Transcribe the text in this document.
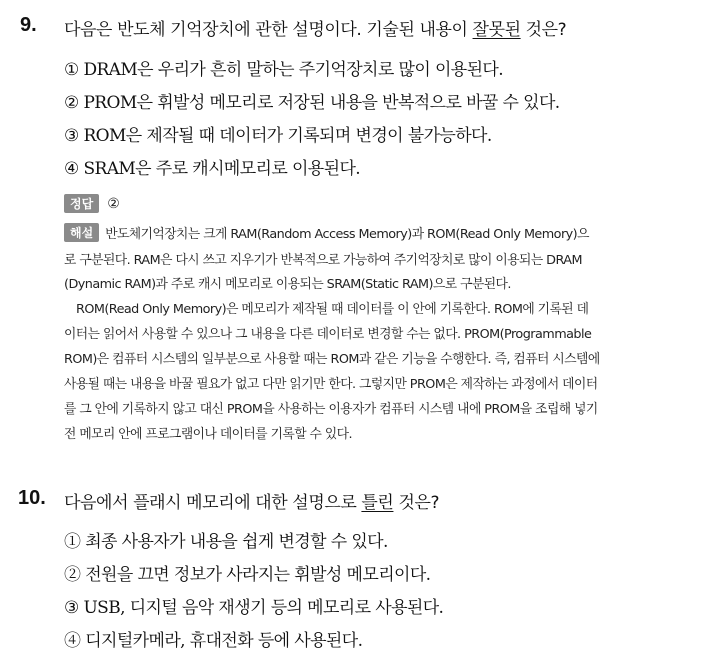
9. 다음은 반도체 기억장치에 관한 설명이다. 기술된 내용이 잘못된 것은?
① DRAM은 우리가 흔히 말하는 주기억장치로 많이 이용된다.
② PROM은 휘발성 메모리로 저장된 내용을 반복적으로 바꿀 수 있다.
③ ROM은 제작될 때 데이터가 기록되며 변경이 불가능하다.
④ SRAM은 주로 캐시메모리로 이용된다.
정답 ②
해설 반도체기억장치는 크게 RAM(Random Access Memory)과 ROM(Read Only Memory)으
로 구분된다. RAM은 다시 쓰고 지우기가 반복적으로 가능하여 주기억장치로 많이 이용되는 DRAM
(Dynamic RAM)과 주로 캐시 메모리로 이용되는 SRAM(Static RAM)으로 구분된다.
ROM(Read Only Memory)은 메모리가 제작될 때 데이터를 이 안에 기록한다. ROM에 기록된 데
이터는 읽어서 사용할 수 있으나 그 내용을 다른 데이터로 변경할 수는 없다. PROM(Programmable
ROM)은 컴퓨터 시스템의 일부분으로 사용할 때는 ROM과 같은 기능을 수행한다. 즉, 컴퓨터 시스템에
사용될 때는 내용을 바꿀 필요가 없고 다만 읽기만 한다. 그렇지만 PROM은 제작하는 과정에서 데이터
를 그 안에 기록하지 않고 대신 PROM을 사용하는 이용자가 컴퓨터 시스템 내에 PROM을 조립해 넣기
전 메모리 안에 프로그램이나 데이터를 기록할 수 있다.
10. 다음에서 플래시 메모리에 대한 설명으로 틀린 것은?
① 최종 사용자가 내용을 쉽게 변경할 수 있다.
② 전원을 끄면 정보가 사라지는 휘발성 메모리이다.
③ USB, 디지털 음악 재생기 등의 메모리로 사용된다.
④ 디지털카메라, 휴대전화 등에 사용된다.
